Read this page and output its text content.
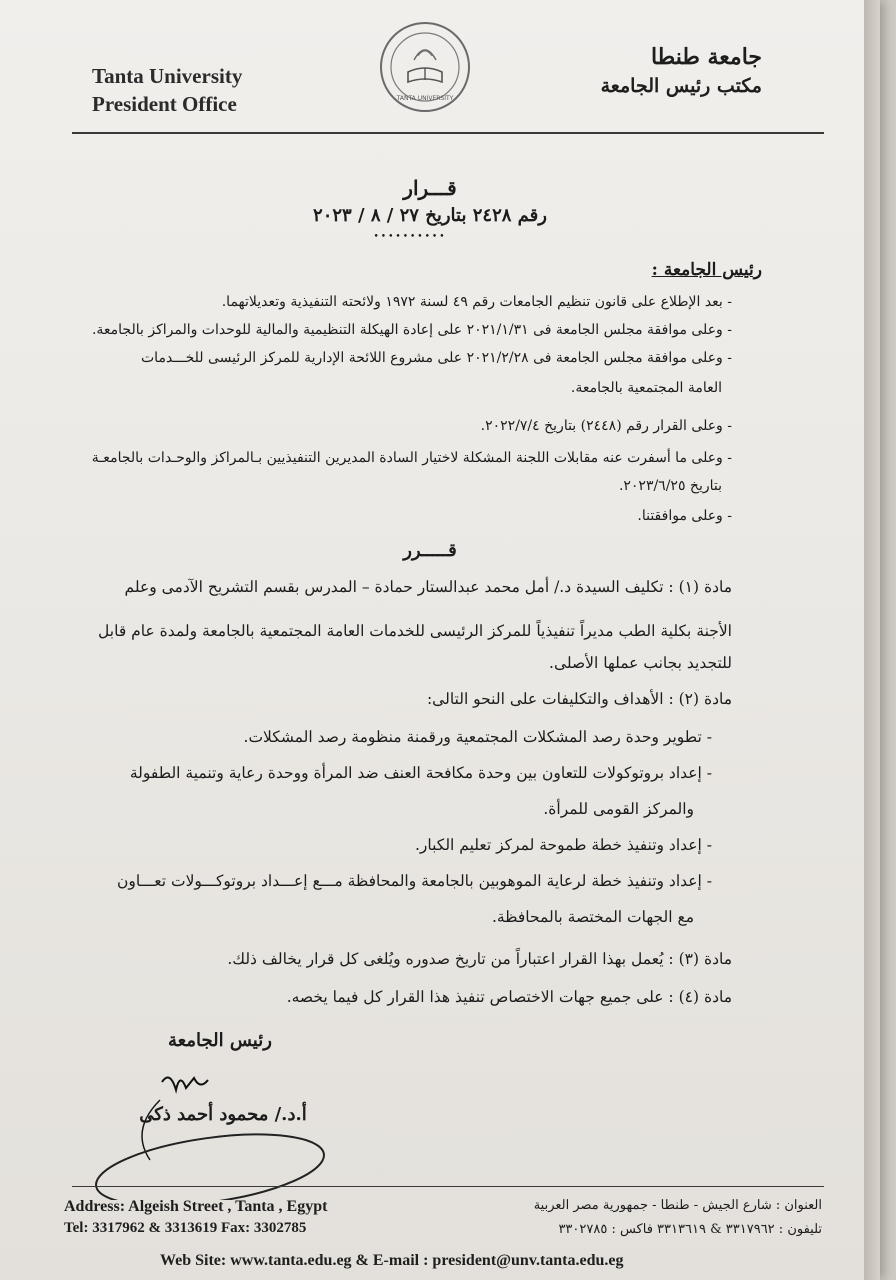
Tanta University
President Office	TANTA UNIVERSITY
جامعة طنطا
مكتب رئيس الجامعة
قـــرار
رقم ٢٤٢٨ بتاريخ ٢٧ / ٨ / ٢٠٢٣
••••••••••
رئيس الجامعة :
- بعد الإطلاع على قانون تنظيم الجامعات رقم ٤٩ لسنة ١٩٧٢ ولائحته التنفيذية وتعديلاتهما.
- وعلى موافقة مجلس الجامعة فى ٢٠٢١/١/٣١ على إعادة الهيكلة التنظيمية والمالية للوحدات والمراكز بالجامعة.
- وعلى موافقة مجلس الجامعة فى ٢٠٢١/٢/٢٨ على مشروع اللائحة الإدارية للمركز الرئيسى للخـــدمات
العامة المجتمعية بالجامعة.
- وعلى القرار رقم (٢٤٤٨) بتاريخ ٢٠٢٢/٧/٤.
- وعلى ما أسفرت عنه مقابلات اللجنة المشكلة لاختيار السادة المديرين التنفيذيين بـالمراكز والوحـدات بالجامعـة
بتاريخ ٢٠٢٣/٦/٢٥.
- وعلى موافقتنا.
قـــــرر
مادة (١) : تكليف السيدة د./ أمل محمد عبدالستار حمادة – المدرس بقسم التشريح الآدمى وعلم
الأجنة بكلية الطب مديراً تنفيذياً للمركز الرئيسى للخدمات العامة المجتمعية بالجامعة ولمدة عام قابل
للتجديد بجانب عملها الأصلى.
مادة (٢) : الأهداف والتكليفات على النحو التالى:
- تطوير وحدة رصد المشكلات المجتمعية ورقمنة منظومة رصد المشكلات.
- إعداد بروتوكولات للتعاون بين وحدة مكافحة العنف ضد المرأة ووحدة رعاية وتنمية الطفولة
والمركز القومى للمرأة.
- إعداد وتنفيذ خطة طموحة لمركز تعليم الكبار.
- إعداد وتنفيذ خطة لرعاية الموهوبين بالجامعة والمحافظة مـــع إعـــداد بروتوكـــولات تعـــاون
مع الجهات المختصة بالمحافظة.
مادة (٣) : يُعمل بهذا القرار اعتباراً من تاريخ صدوره ويُلغى كل قرار يخالف ذلك.
مادة (٤) : على جميع جهات الاختصاص تنفيذ هذا القرار كل فيما يخصه.
رئيس الجامعة
أ.د./ محمود أحمد ذكى
Address: Algeish Street , Tanta , Egypt
Tel: 3317962 & 3313619 Fax: 3302785
العنوان : شارع الجيش - طنطا - جمهورية مصر العربية
تليفون : ٣٣١٧٩٦٢ & ٣٣١٣٦١٩ فاكس : ٣٣٠٢٧٨٥
Web Site: www.tanta.edu.eg & E-mail : president@unv.tanta.edu.eg
